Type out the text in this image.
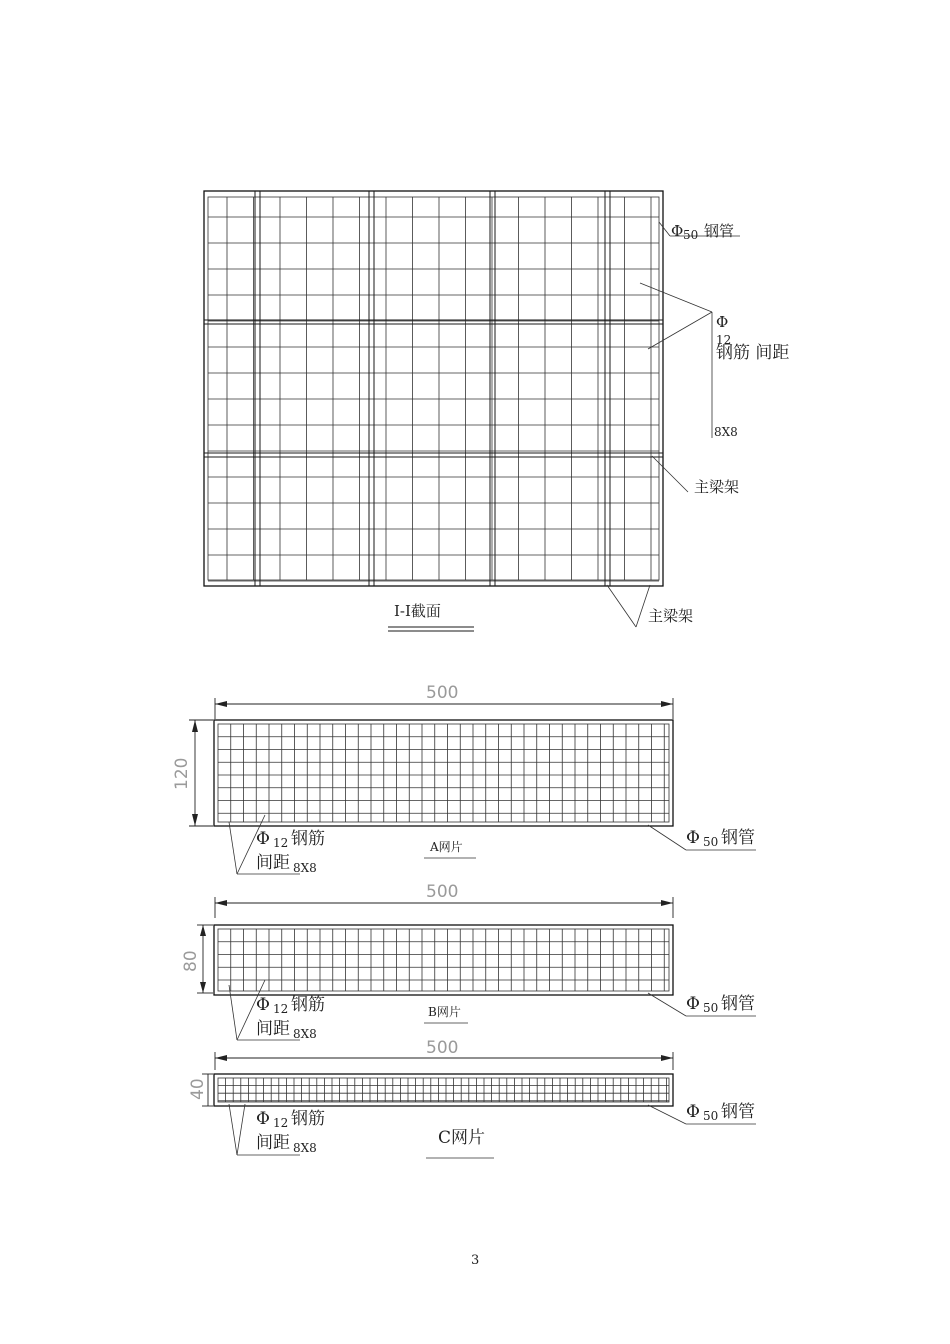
Φ 50 钢管
Φ
12
钢筋 间距
8X8
主梁架
主梁架
I-I截面
500
120
Φ 12 钢筋
间距 8X8
Φ 50 钢管
A网片
500
80
Φ 12 钢筋
间距 8X8
Φ 50 钢管
B网片
500
40
Φ 12 钢筋
间距 8X8
Φ 50 钢管
C网片
3
